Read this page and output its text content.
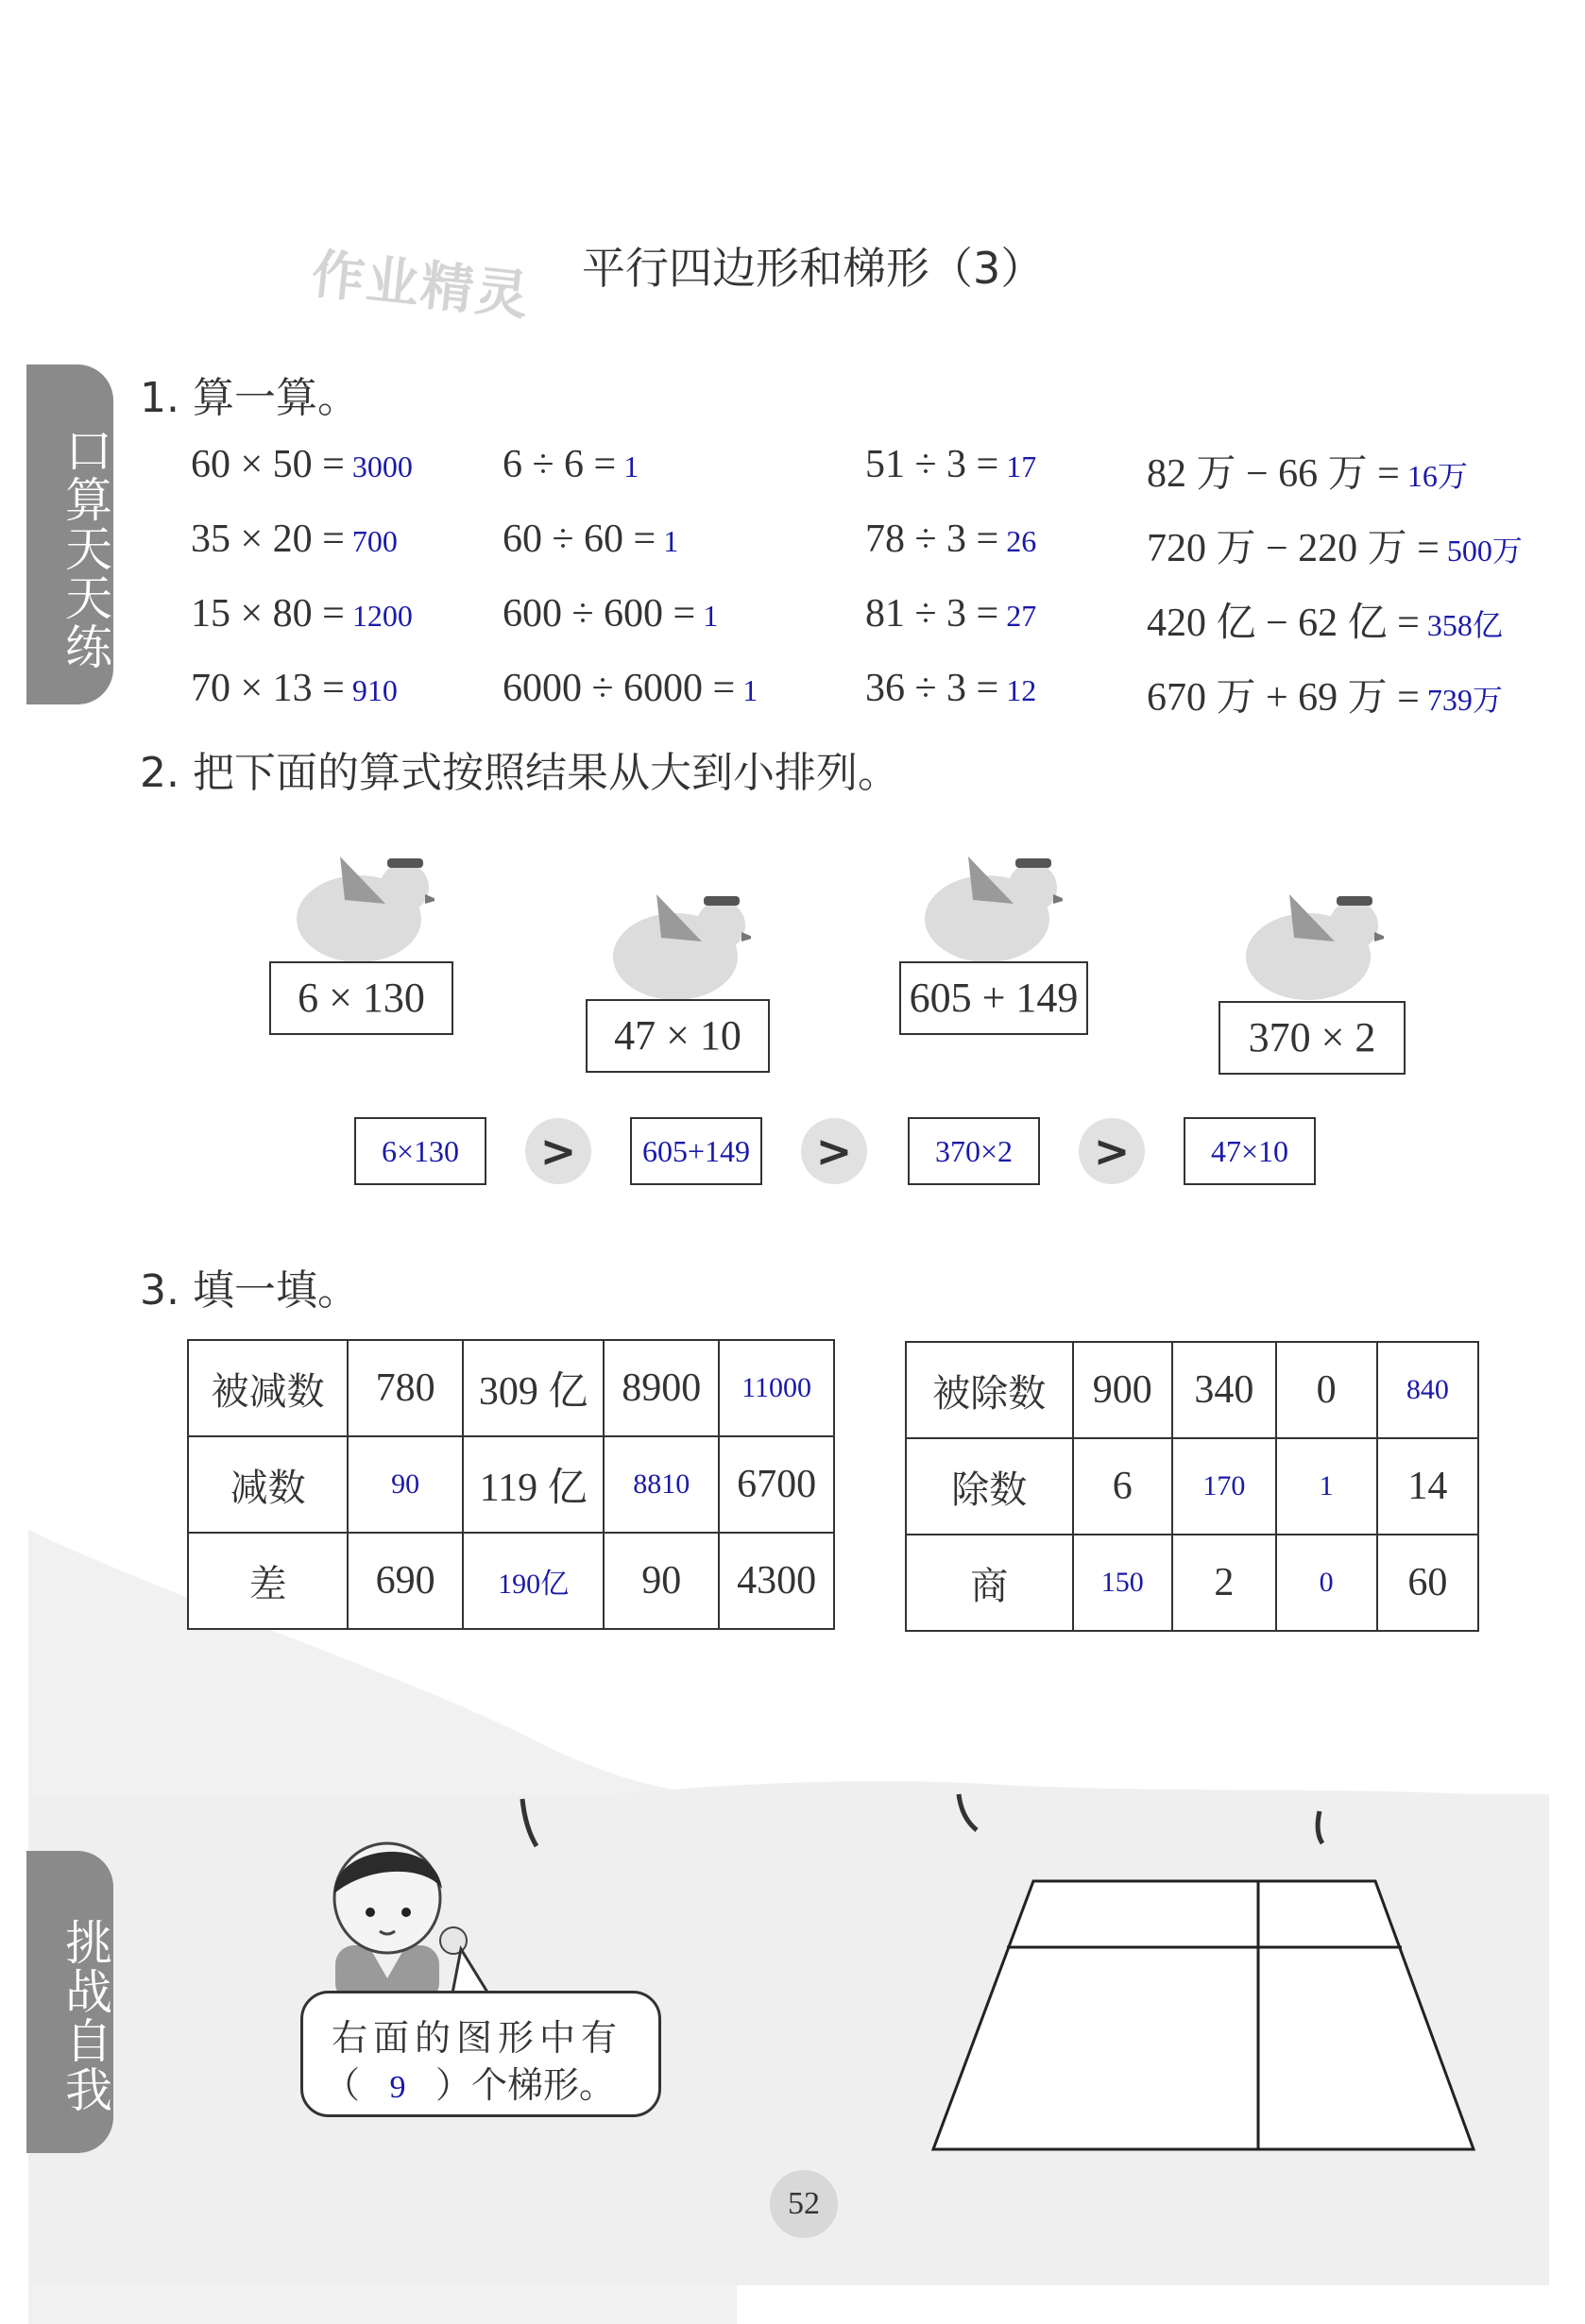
口算天天练
挑战自我
作业精灵 平行四边形和梯形（3）
1. 算一算。
60 × 50 = 3000
35 × 20 = 700
15 × 80 = 1200
70 × 13 = 910
6 ÷ 6 = 1
60 ÷ 60 = 1
600 ÷ 600 = 1
6000 ÷ 6000 = 1
51 ÷ 3 = 17
78 ÷ 3 = 26
81 ÷ 3 = 27
36 ÷ 3 = 12
82 万 − 66 万 = 16万
720 万 − 220 万 = 500万
420 亿 − 62 亿 = 358亿
670 万 + 69 万 = 739万
2. 把下面的算式按照结果从大到小排列。
6 × 130
47 × 10
605 + 149
370 × 2
6×130	>	605+149	>	370×2	>	47×10
3. 填一填。
被减数	780	309 亿	8900	11000
减数	90	119 亿	8810	6700
差	690	190亿	90	4300
被除数	900	340	0	840
除数	6	170	1	14
商	150	2	0	60
右面的图形中有
（ 9 ）个梯形。
52
